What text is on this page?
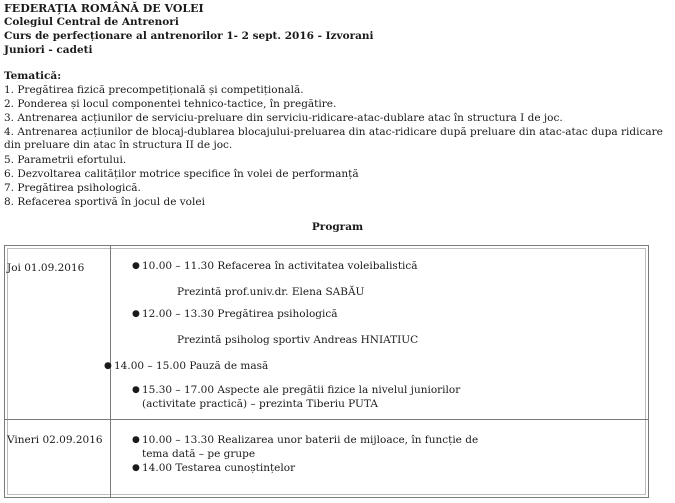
FEDERAȚIA ROMÂNĂ DE VOLEI
Colegiul Central de Antrenori
Curs de perfecționare al antrenorilor 1- 2 sept. 2016 - Izvorani
Juniori - cadeti
Tematică:
1. Pregătirea fizică precompetițională și competițională.
2. Ponderea și locul componentei tehnico-tactice, în pregătire.
3. Antrenarea acțiunilor de serviciu-preluare din serviciu-ridicare-atac-dublare atac în structura I de joc.
4. Antrenarea acțiunilor de blocaj-dublarea blocajului-preluarea din atac-ridicare după preluare din atac-atac dupa ridicare din preluare din atac în structura II de joc.
5. Parametrii efortului.
6. Dezvoltarea calităților motrice specifice în volei de performanță
7. Pregătirea psihologică.
8. Refacerea sportivă în jocul de volei
Program
Joi 01.09.2016	● 10.00 – 11.30 Refacerea în activitatea voleibalistică
Prezintă prof.univ.dr. Elena SABĂU
● 12.00 – 13.30 Pregătirea psihologică
Prezintă psiholog sportiv Andreas HNIATIUC
● 14.00 – 15.00 Pauză de masă
● 15.30 – 17.00 Aspecte ale pregătii fizice la nivelul juniorilor
(activitate practică) – prezinta Tiberiu PUTA
Vineri 02.09.2016	● 10.00 – 13.30 Realizarea unor baterii de mijloace, în funcție de
tema dată – pe grupe
● 14.00 Testarea cunoștințelor
